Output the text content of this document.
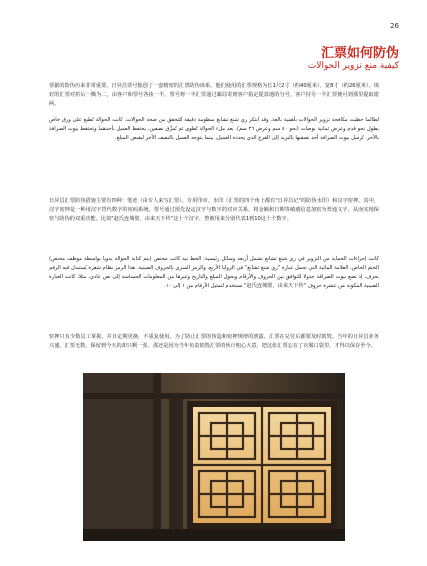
26
汇票如何防伪
كيفية منع تزوير الحوالات
票据的防伪历来非常重要。日昇昌票号独创了一套精密的汇票防伪体系。他们使用的汇票规格为长1尺2寸（约40厘米）、宽8寸（约26厘米）。填好的汇票对折后一撕为二，由客户和票号各执一半。票号将一半汇票通过邮局寄到客户指定提款地的分号，客户持另一半汇票便可到那里提取银两。
لطالما حظيت مكافحة تزوير الحوالات بأهمية بالغة. وقد ابتكر ري شنغ تشانغ منظومة دقيقة للتحقق من صحة الحوالات. كانت الحوالة تُطبع على ورق خاص بطول نحو قدم وعرض ثمانية بوصات (نحو ٤٠ سم وعرض ٢٦ سم). بعد ملء الحوالة تُطوى ثم تُمزَّق نصفين، يحتفظ العميل بأحدهما وتحتفظ بيوت الصرافة بالآخر. تُرسل بيوت الصرافة أحد نصفيها بالبريد إلى الفرع الذي يحدده العميل، بينما يتوجه العميل بالنصف الآخر ليقبض المبلغ.
日昇昌汇票防伪措施主要有四种：笔迹（由专人来写汇票）、专用印章、水印（汇票的四个角上都有"日昇昌记"的防伪水印）和汉字密押。其中，汉字密押是一种用汉字替代数字的密码系统。票号通过预先设定汉字与数字的对应关系，将金额和日期等敏感信息加密为普通文字，从而实现保密与防伪的双重功能。比如"赵氏连城璧，由来天下传"这十个汉字，曾被用来分别代表1到10这十个数字。
كانت إجراءات الحماية من التزوير في ري شنغ تشانغ تشمل أربعة وسائل رئيسية: الخط بيد كاتب مختص (يتم كتابة الحوالة يدويا بواسطة موظف مختص) الختم الخاص، العلامة المائية التي تحمل عبارة "ري شنغ تشانغ" في الزوايا الأربع، والرمز السري بالحروف الصينية. هذا الرمز نظام شفرة يُستبدل فيه الرقم بحرف، إذ تضع بيوت الصرافة جدولا للتوافق بين الحروف والأرقام ويحول المبلغ والتاريخ وغيرها من المعلومات الحساسة إلى نص عادي. مثلا، كانت العبارة الصينية المكونة من عشرة حروف "赵氏连城璧，由来天下传" تستخدم لتمثيل الأرقام من ١ إلى ١٠.
密押只有少数员工掌握，并且定期更换，不重复使用。为了防止汇票的伪造和密押规律的泄露，汇票在兑付后都要及时销毁。当年的日昇昌业务兴盛，汇票无数，保留到今天的却只剩一张。那还是因为当年负责销毁汇票的伙计粗心大意，把这张汇票忘在了衣服口袋里，才得以保存至今。
